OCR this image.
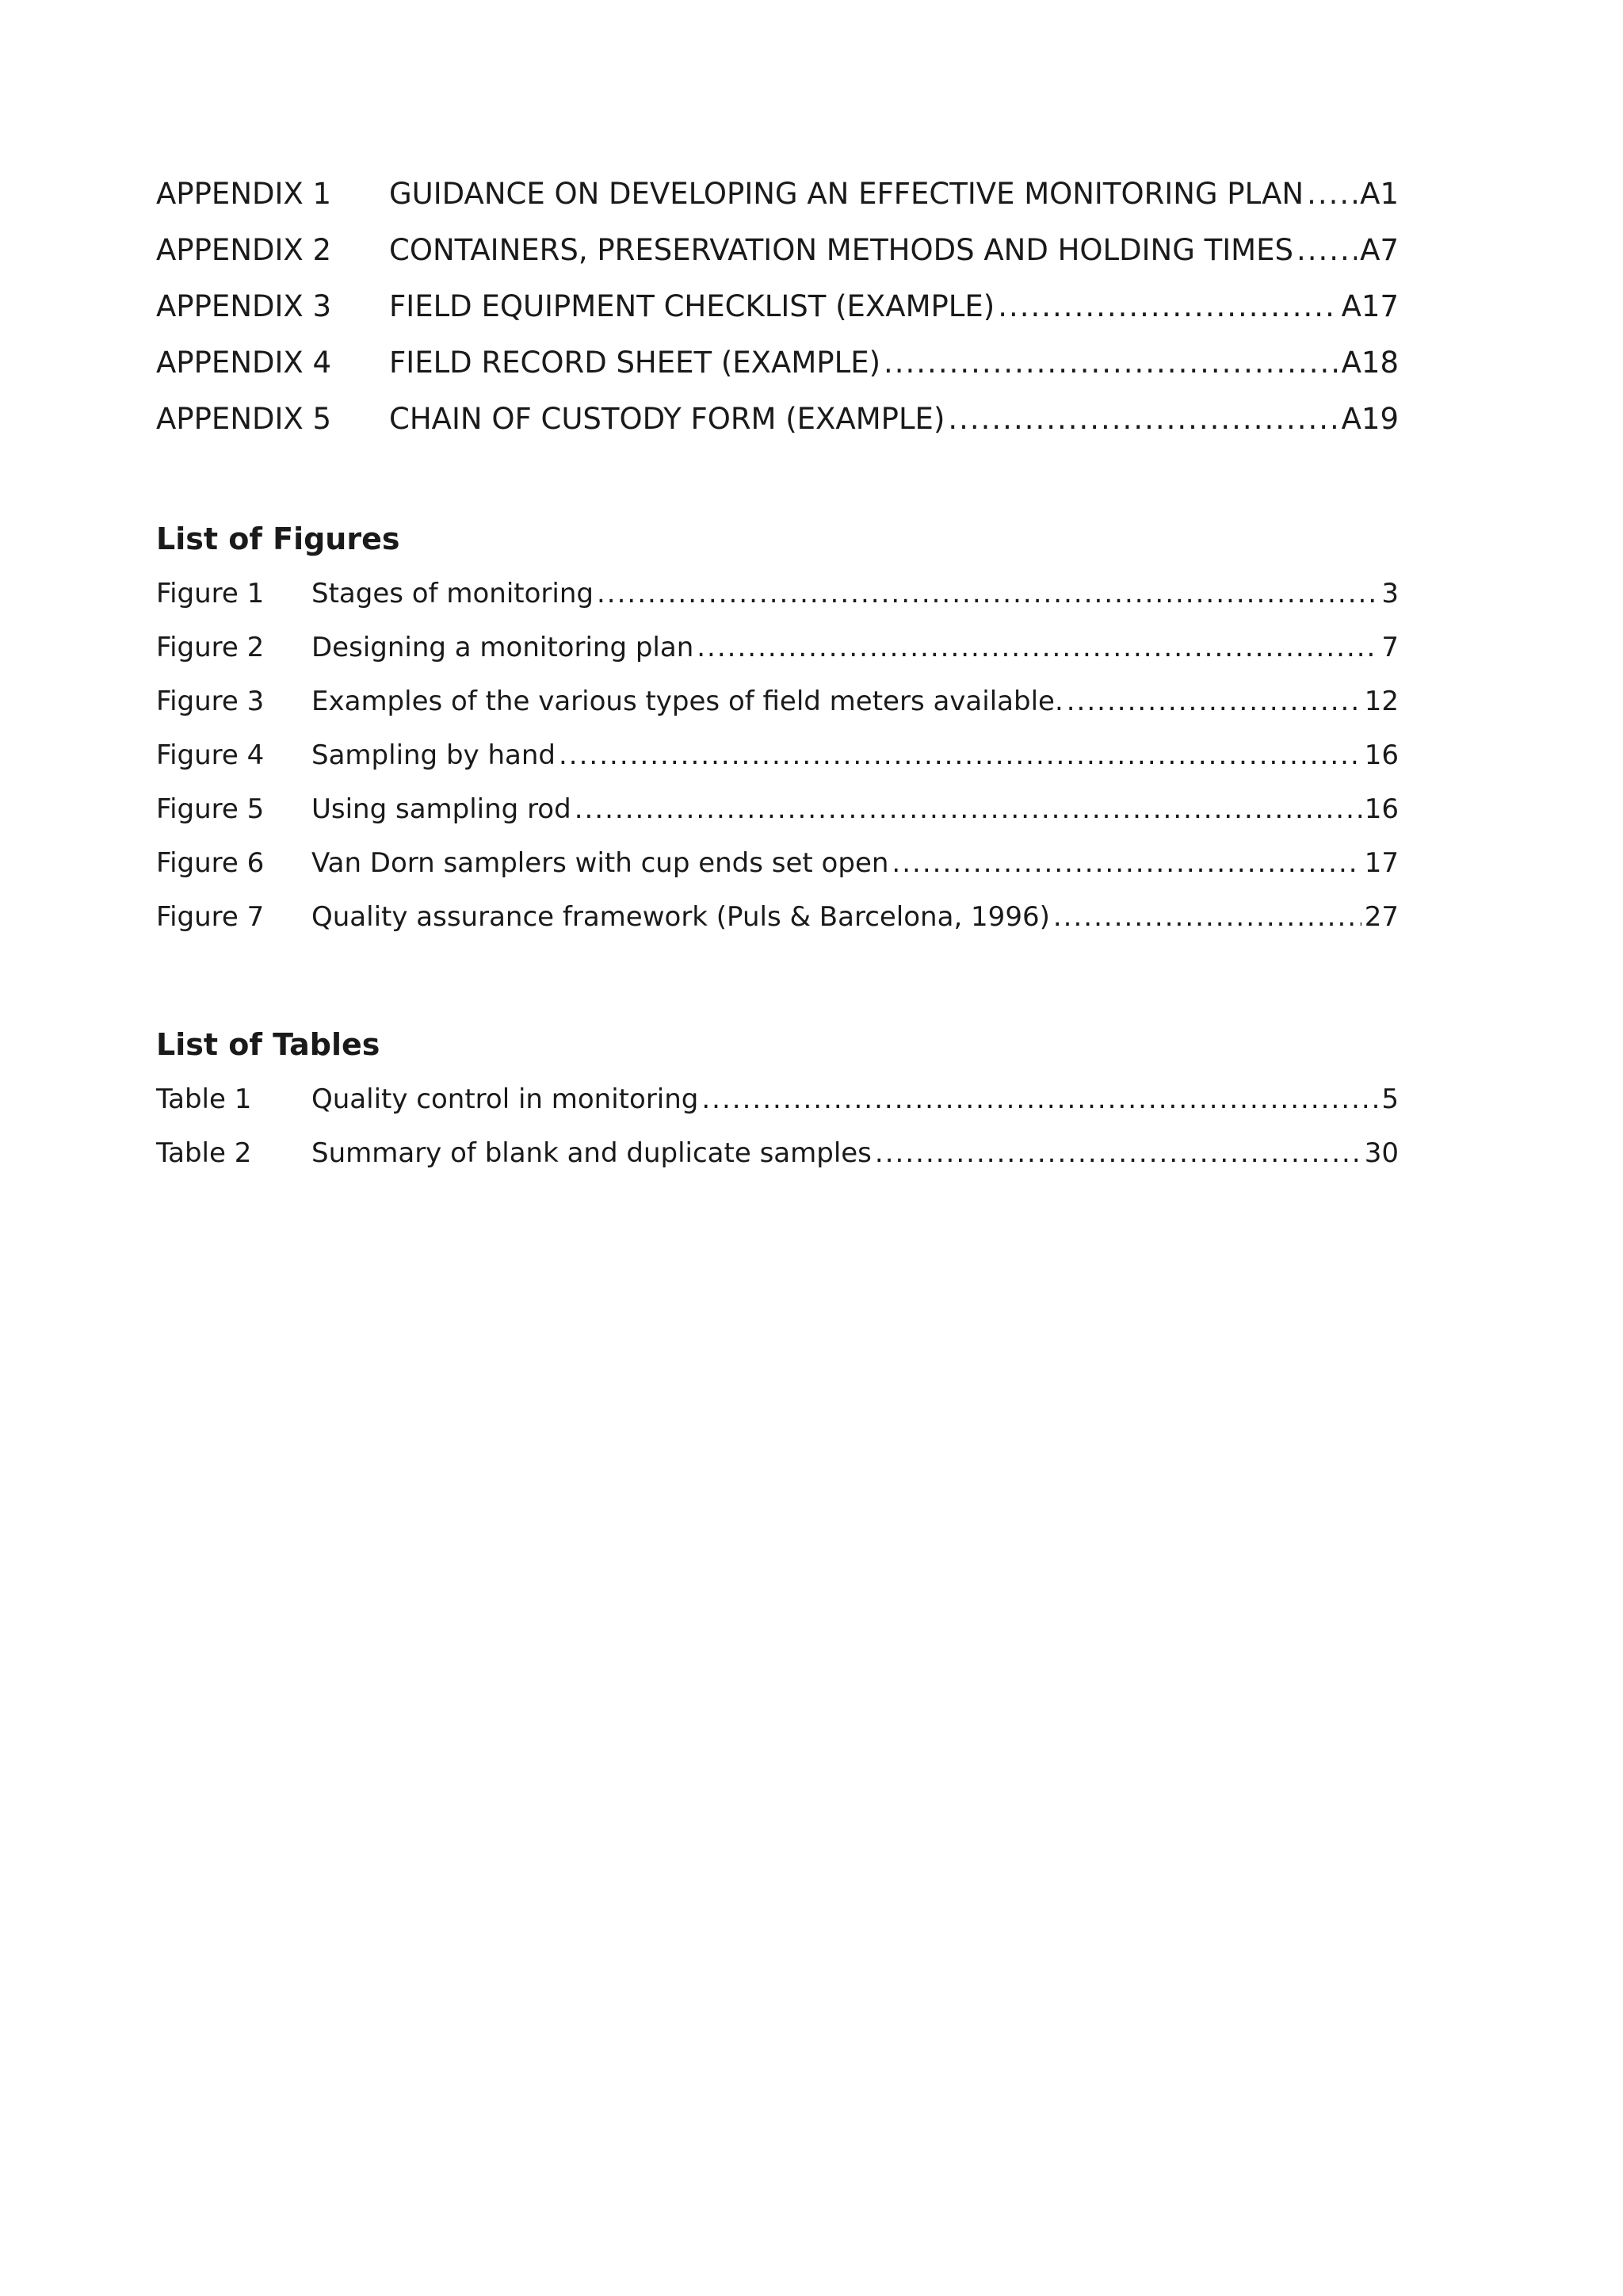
APPENDIX 1	GUIDANCE ON DEVELOPING AN EFFECTIVE MONITORING PLAN ..... A1
APPENDIX 2	CONTAINERS, PRESERVATION METHODS AND HOLDING TIMES ..... A7
APPENDIX 3	FIELD EQUIPMENT CHECKLIST (EXAMPLE) .....	A17
APPENDIX 4	FIELD RECORD SHEET (EXAMPLE) .....	A18
APPENDIX 5	CHAIN OF CUSTODY FORM (EXAMPLE) .....	A19
List of Figures
Figure 1	Stages of monitoring .....	3
Figure 2	Designing a monitoring plan .....	7
Figure 3	Examples of the various types of field meters available. .....	12
Figure 4	Sampling by hand .....	16
Figure 5	Using sampling rod .....	16
Figure 6	Van Dorn samplers with cup ends set open .....	17
Figure 7	Quality assurance framework (Puls & Barcelona, 1996) .....	27
List of Tables
Table 1	Quality control in monitoring .....	5
Table 2	Summary of blank and duplicate samples .....	30
